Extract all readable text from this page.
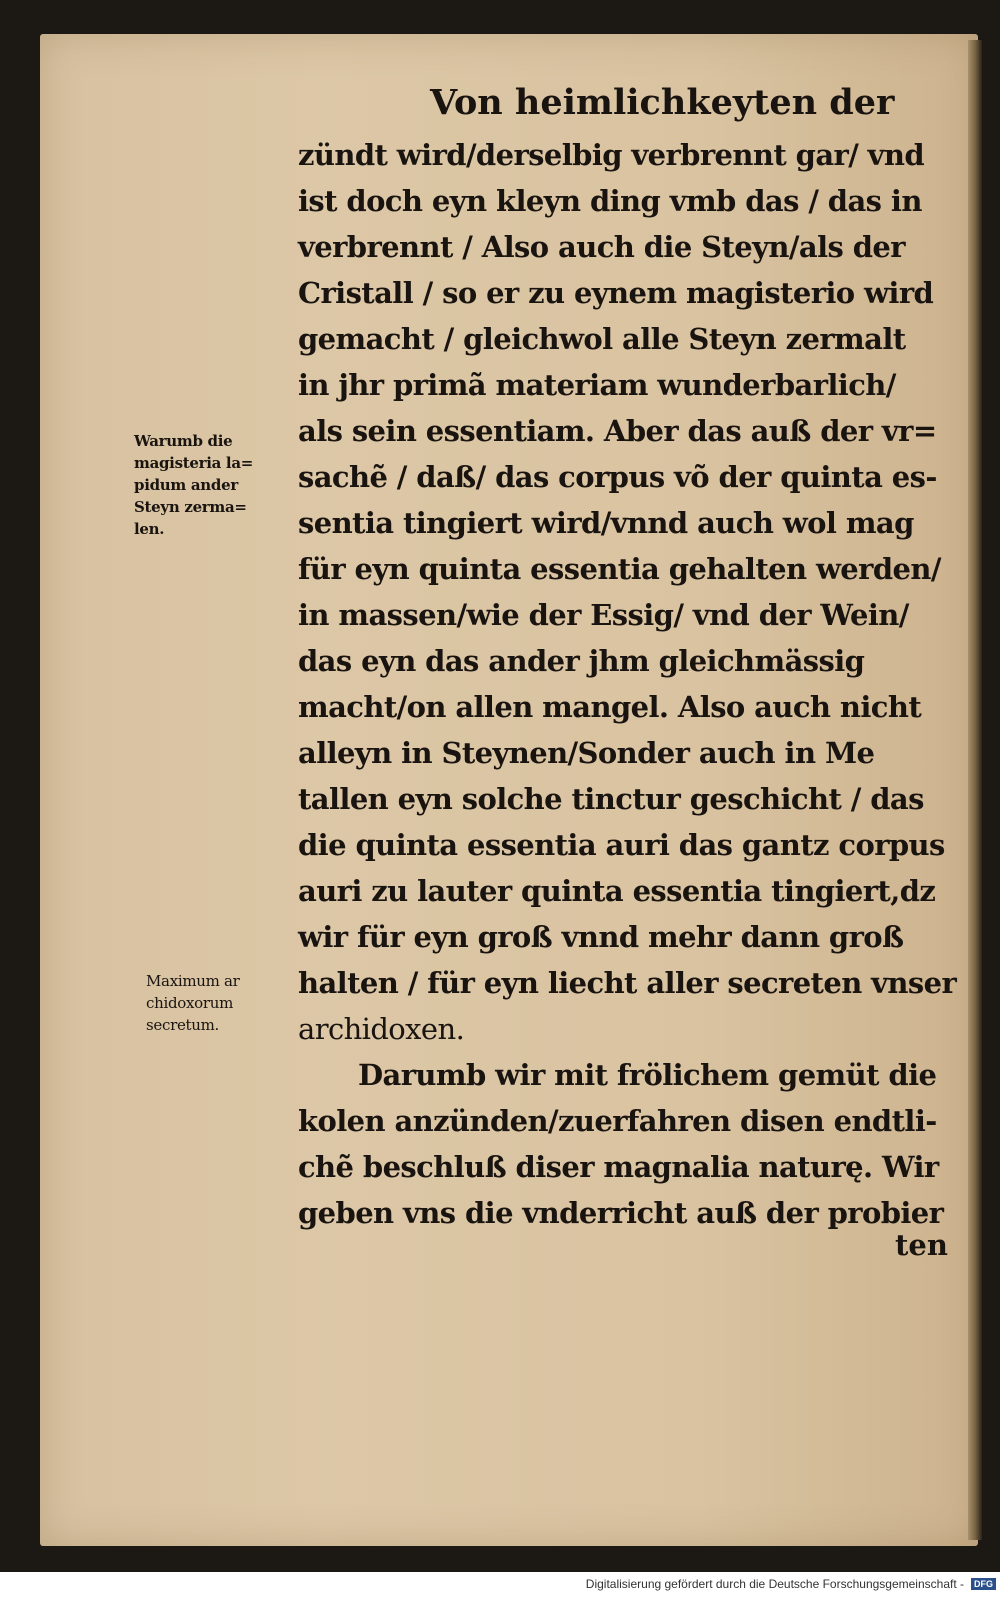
Von heimlichkeyten der
zündt wird/derselbig verbrennt gar/ vnd
ist doch eyn kleyn ding vmb das / das in
verbrennt / Also auch die Steyn/als der
Cristall / so er zu eynem magisterio wird
gemacht / gleichwol alle Steyn zermalt
in jhr primã materiam wunderbarlich/
als sein essentiam. Aber das auß der vr=
sachẽ / daß/ das corpus võ der quinta es-
sentia tingiert wird/vnnd auch wol mag
für eyn quinta essentia gehalten werden/
in massen/wie der Essig/ vnd der Wein/
das eyn das ander jhm gleichmässig
macht/on allen mangel. Also auch nicht
alleyn in Steynen/Sonder auch in Me
tallen eyn solche tinctur geschicht / das
die quinta essentia auri das gantz corpus
auri zu lauter quinta essentia tingiert,dz
wir für eyn groß vnnd mehr dann groß
halten / für eyn liecht aller secreten vnser
archidoxen.
Darumb wir mit frölichem gemüt die
kolen anzünden/zuerfahren disen endtli-
chẽ beschluß diser magnalia naturę. Wir
geben vns die vnderricht auß der probier
ten
Warumb die
magisteria la=
pidum ander
Steyn zerma=
len.
Maximum ar
chidoxorum
secretum.
Digitalisierung gefördert durch die Deutsche Forschungsgemeinschaft -	DFG
